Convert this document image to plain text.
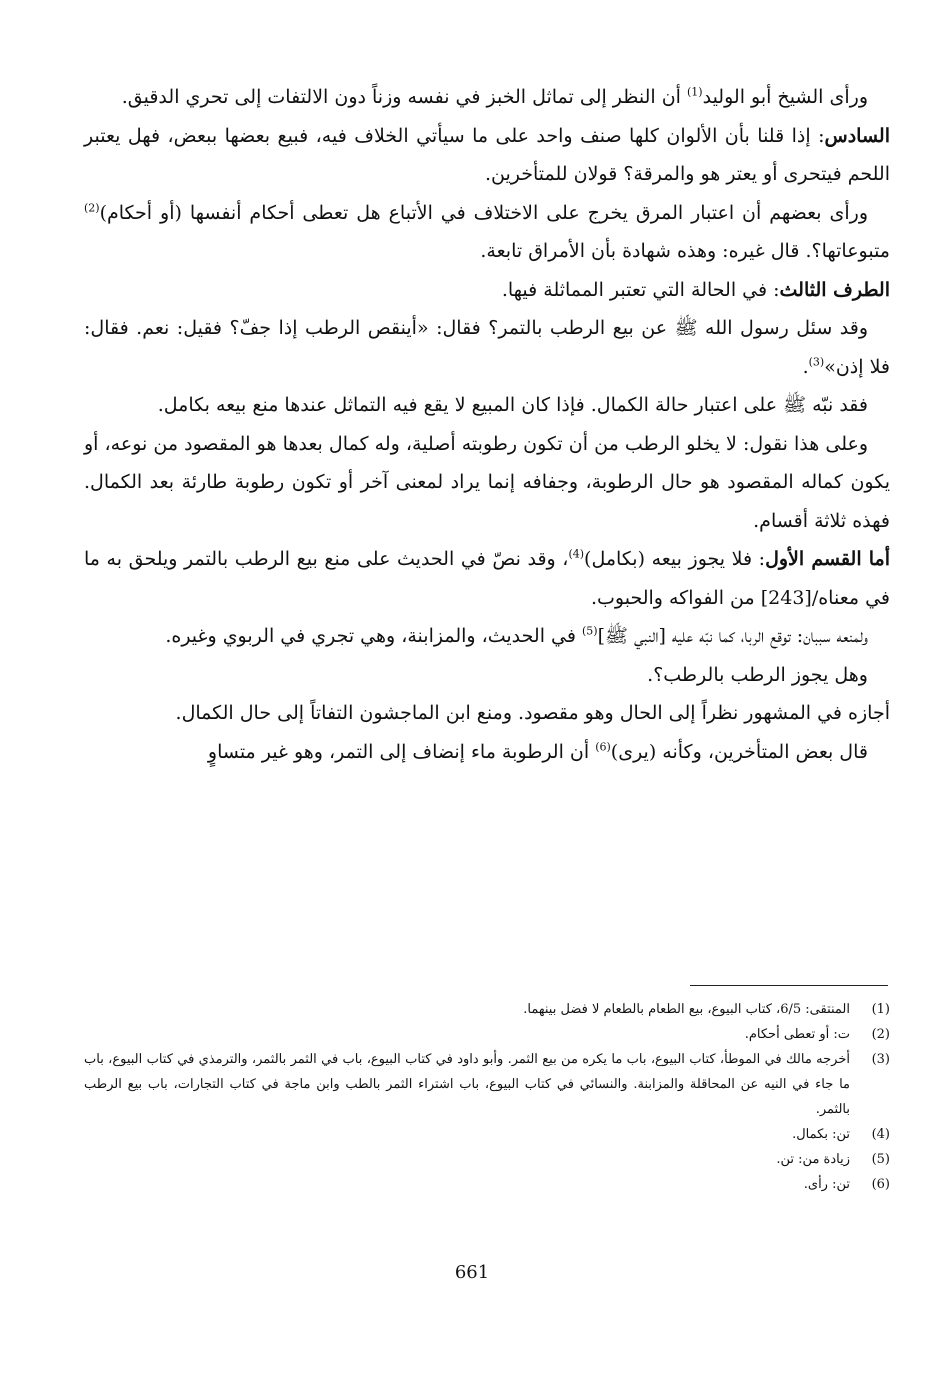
ورأى الشيخ أبو الوليد$^{(1)}$ أن النظر إلى تماثل الخبز في نفسه وزناً دون الالتفات إلى تحري الدقيق.

السادس: إذا قلنا بأن الألوان كلها صنف واحد على ما سيأتي الخلاف فيه، فبيع بعضها ببعض، فهل يعتبر اللحم فيتحرى أو يعتر هو والمرقة؟ قولان للمتأخرين.

ورأى بعضهم أن اعتبار المرق يخرج على الاختلاف في الأتباع هل تعطى أحكام أنفسها (أو أحكام)$^{(2)}$ متبوعاتها؟. قال غيره: وهذه شهادة بأن الأمراق تابعة.

الطرف الثالث: في الحالة التي تعتبر المماثلة فيها.

وقد سئل رسول الله ﷺ عن بيع الرطب بالتمر؟ فقال: «أينقص الرطب إذا جفّ؟ فقيل: نعم. فقال: فلا إذن»$^{(3)}$.

فقد نبّه ﷺ على اعتبار حالة الكمال. فإذا كان المبيع لا يقع فيه التماثل عندها منع بيعه بكامل.

وعلى هذا نقول: لا يخلو الرطب من أن تكون رطوبته أصلية، وله كمال بعدها هو المقصود من نوعه، أو يكون كماله المقصود هو حال الرطوبة، وجفافه إنما يراد لمعنى آخر أو تكون رطوبة طارئة بعد الكمال. فهذه ثلاثة أقسام.

أما القسم الأول: فلا يجوز بيعه (بكامل)$^{(4)}$، وقد نصّ في الحديث على منع بيع الرطب بالتمر ويلحق به ما في معناه/[243] من الفواكه والحبوب.

ولمنعه سببان: توقع الربا، كما نبّه عليه [النبي ﷺ]$^{(5)}$ في الحديث، والمزابنة، وهي تجري في الربوي وغيره.

وهل يجوز الرطب بالرطب؟.

أجازه في المشهور نظراً إلى الحال وهو مقصود. ومنع ابن الماجشون التفاتاً إلى حال الكمال.

قال بعض المتأخرين، وكأنه (يرى)$^{(6)}$ أن الرطوبة ماء إنضاف إلى التمر، وهو غير متساوٍ

(1)
المنتقى: 6/5، كتاب البيوع، بيع الطعام بالطعام لا فضل بينهما.
(2)
ت: أو تعطى أحكام.
(3)
أخرجه مالك في الموطأ، كتاب البيوع، باب ما يكره من بيع الثمر. وأبو داود في كتاب البيوع، باب في الثمر بالثمر، والترمذي في كتاب البيوع، باب ما جاء في النيه عن المحاقلة والمزابنة. والنسائي في كتاب البيوع، باب اشتراء الثمر بالطب وابن ماجة في كتاب التجارات، باب بيع الرطب بالثمر.
(4)
تن: بكمال.
(5)
زيادة من: تن.
(6)
تن: رأى.
661
